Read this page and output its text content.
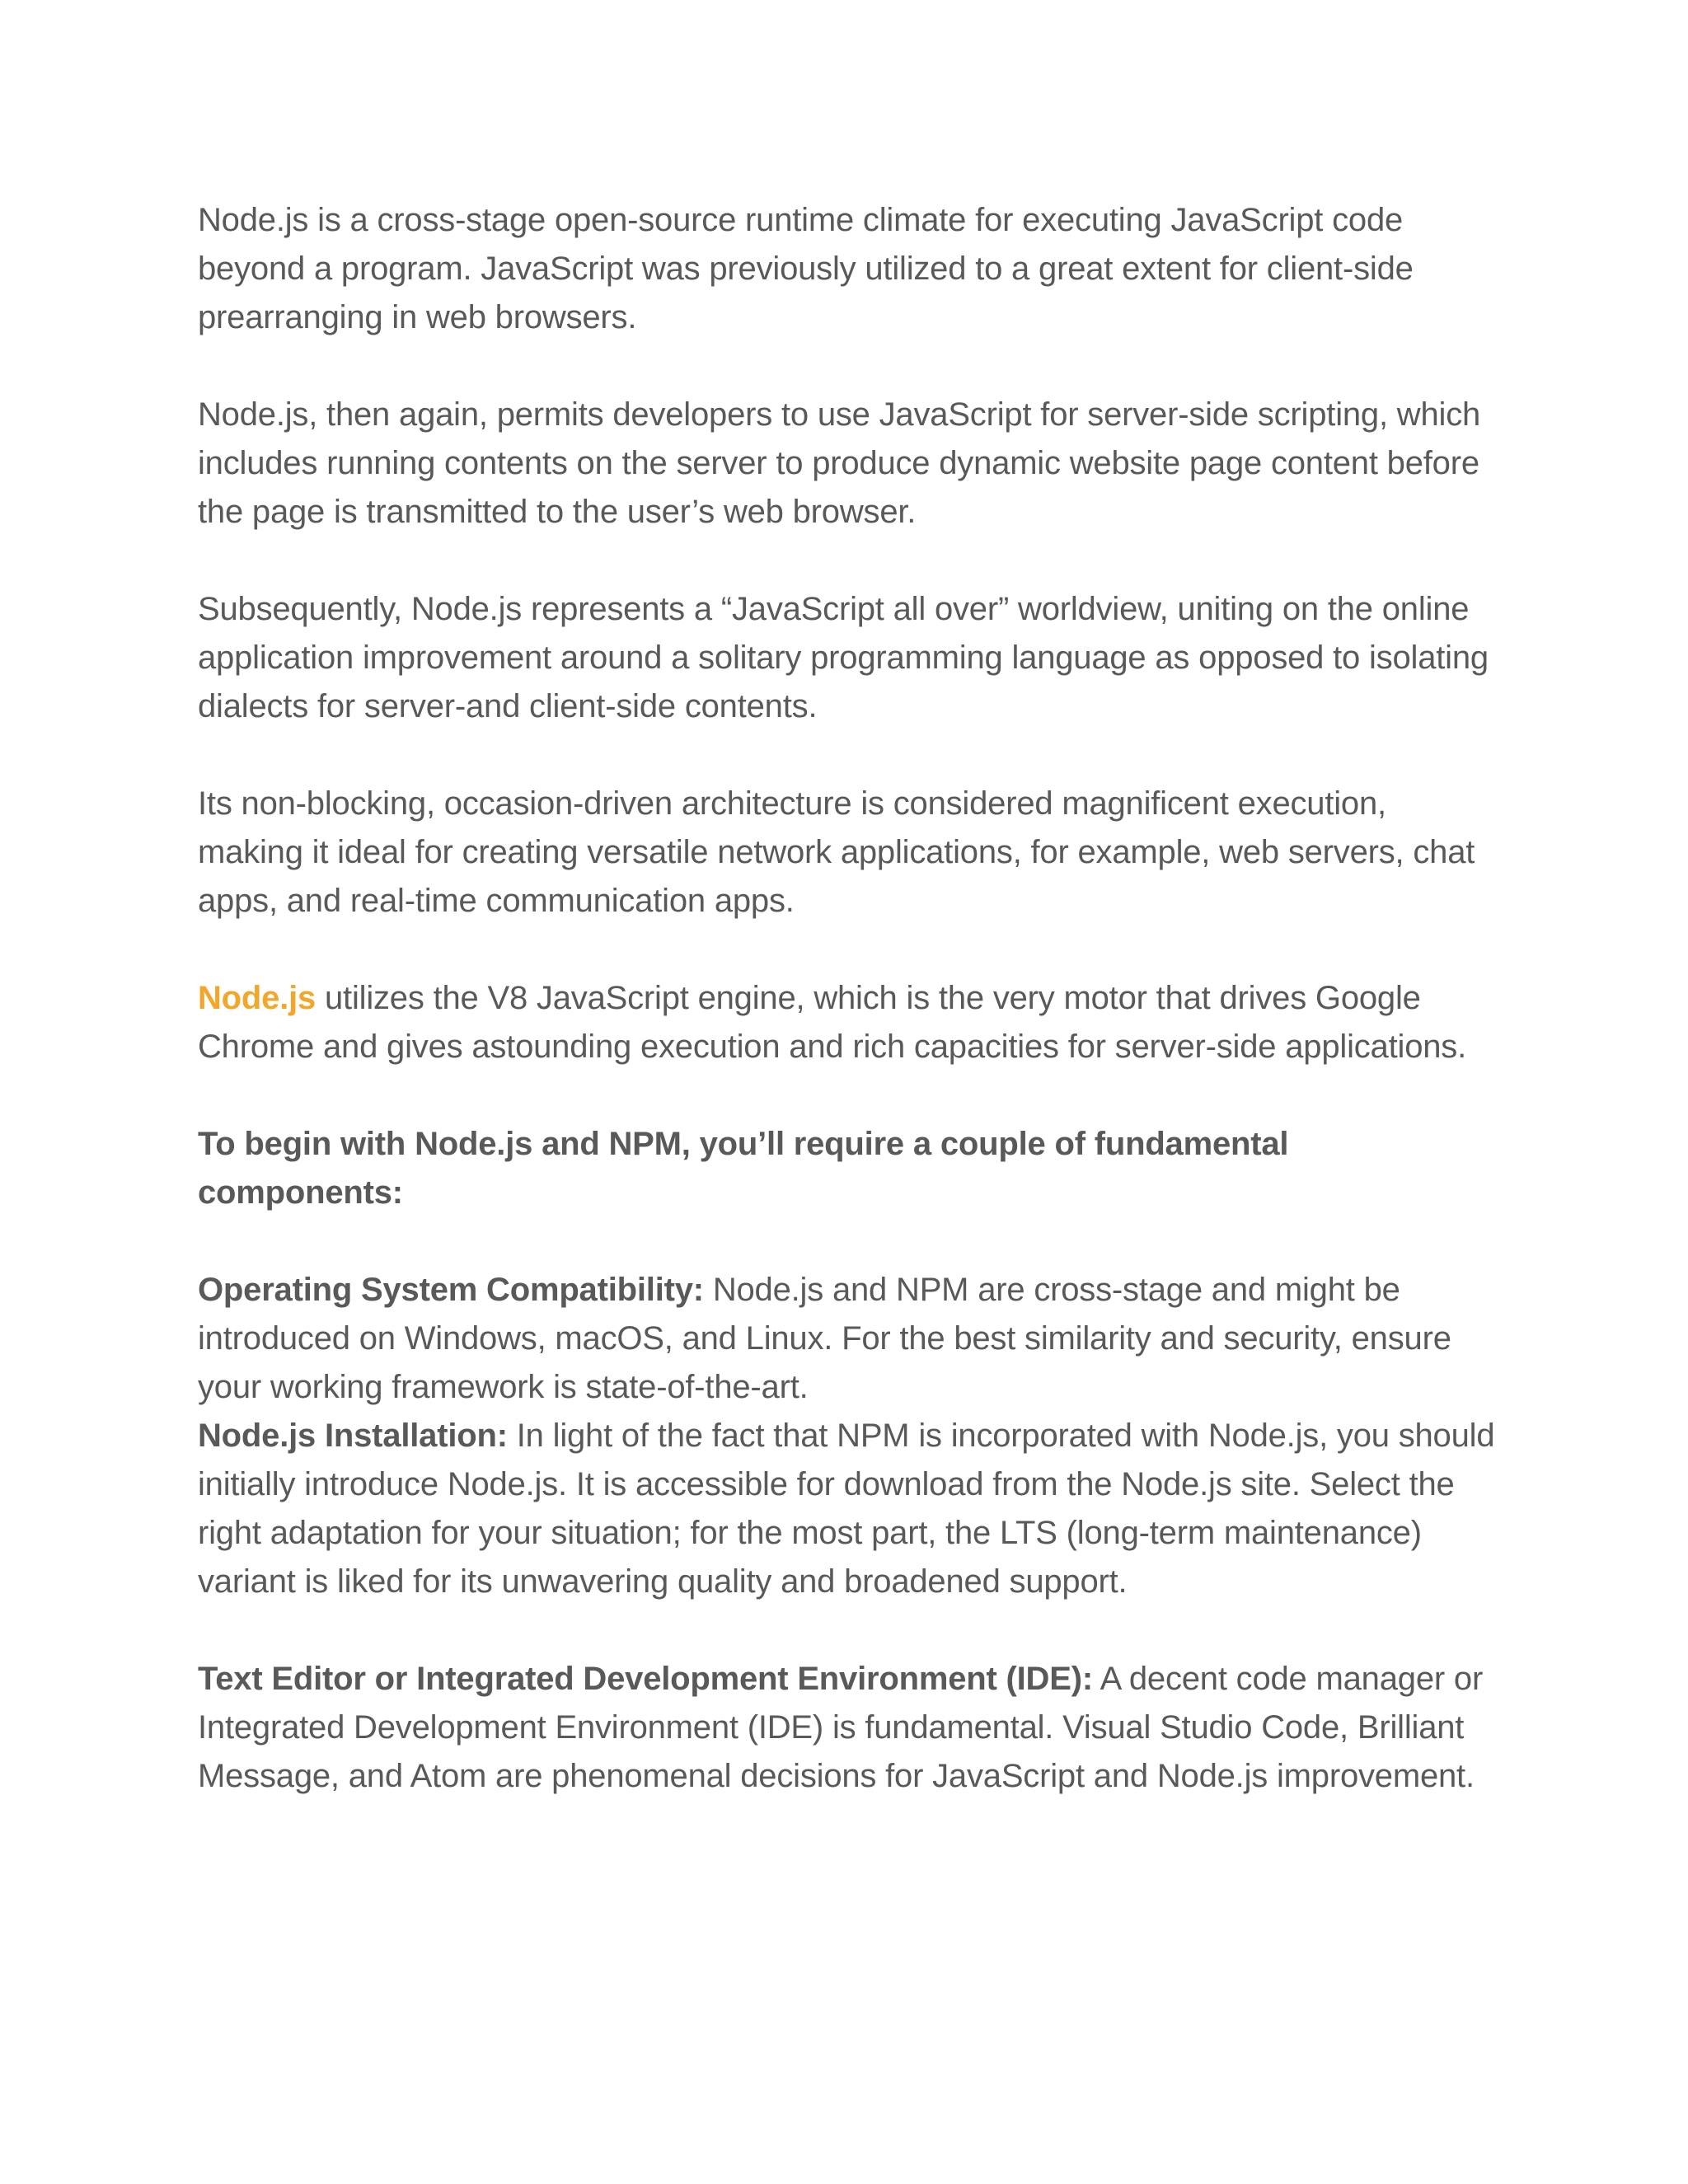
Node.js is a cross-stage open-source runtime climate for executing JavaScript code beyond a program. JavaScript was previously utilized to a great extent for client-side prearranging in web browsers.

Node.js, then again, permits developers to use JavaScript for server-side scripting, which includes running contents on the server to produce dynamic website page content before the page is transmitted to the user’s web browser.

Subsequently, Node.js represents a “JavaScript all over” worldview, uniting on the online application improvement around a solitary programming language as opposed to isolating dialects for server-and client-side contents.

Its non-blocking, occasion-driven architecture is considered magnificent execution, making it ideal for creating versatile network applications, for example, web servers, chat apps, and real-time communication apps.

Node.js utilizes the V8 JavaScript engine, which is the very motor that drives Google Chrome and gives astounding execution and rich capacities for server-side applications.

To begin with Node.js and NPM, you’ll require a couple of fundamental components:

Operating System Compatibility: Node.js and NPM are cross-stage and might be introduced on Windows, macOS, and Linux. For the best similarity and security, ensure your working framework is state-of-the-art.

Node.js Installation: In light of the fact that NPM is incorporated with Node.js, you should initially introduce Node.js. It is accessible for download from the Node.js site. Select the right adaptation for your situation; for the most part, the LTS (long-term maintenance) variant is liked for its unwavering quality and broadened support.

Text Editor or Integrated Development Environment (IDE): A decent code manager or Integrated Development Environment (IDE) is fundamental. Visual Studio Code, Brilliant Message, and Atom are phenomenal decisions for JavaScript and Node.js improvement.
